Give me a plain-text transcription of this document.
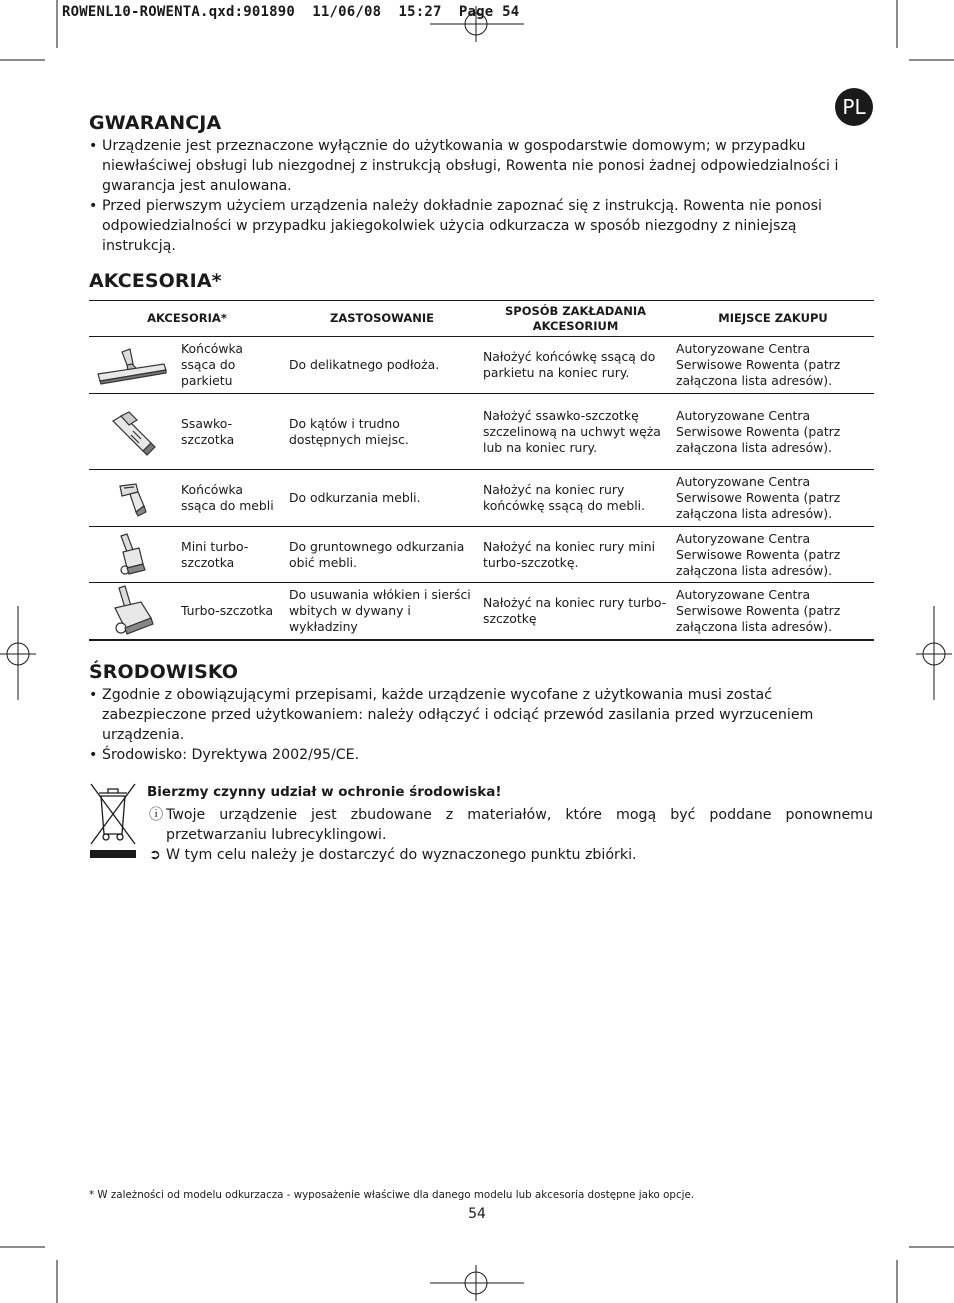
ROWENL10-ROWENTA.qxd:901890  11/06/08  15:27  Page 54
PL
GWARANCJA
• Urządzenie jest przeznaczone wyłącznie do użytkowania w gospodarstwie domowym; w przypadku niewłaściwej obsługi lub niezgodnej z instrukcją obsługi, Rowenta nie ponosi żadnej odpowiedzialności i gwarancja jest anulowana.
• Przed pierwszym użyciem urządzenia należy dokładnie zapoznać się z instrukcją. Rowenta nie ponosi odpowiedzialności w przypadku jakiegokolwiek użycia odkurzacza w sposób niezgodny z niniejszą instrukcją.
AKCESORIA*
AKCESORIA*		ZASTOSOWANIE	SPOSÓB ZAKŁADANIA AKCESORIUM	MIEJSCE ZAKUPU

	Końcówka ssąca do parkietu	Do delikatnego podłoża.	Nałożyć końcówkę ssącą do parkietu na koniec rury.	Autoryzowane Centra Serwisowe Rowenta (patrz załączona lista adresów).

	Ssawko-szczotka	Do kątów i trudno dostępnych miejsc.	Nałożyć ssawko-szczotkę szczelinową na uchwyt węża lub na koniec rury.	Autoryzowane Centra Serwisowe Rowenta (patrz załączona lista adresów).

	Końcówka ssąca do mebli	Do odkurzania mebli.	Nałożyć na koniec rury końcówkę ssącą do mebli.	Autoryzowane Centra Serwisowe Rowenta (patrz załączona lista adresów).

	Mini turbo-szczotka	Do gruntownego odkurzania obić mebli.	Nałożyć na koniec rury mini turbo-szczotkę.	Autoryzowane Centra Serwisowe Rowenta (patrz załączona lista adresów).

	Turbo-szczotka	Do usuwania włókien i sierści wbitych w dywany i wykładziny	Nałożyć na koniec rury turbo-szczotkę	Autoryzowane Centra Serwisowe Rowenta (patrz załączona lista adresów).
ŚRODOWISKO
• Zgodnie z obowiązującymi przepisami, każde urządzenie wycofane z użytkowania musi zostać zabezpieczone przed użytkowaniem: należy odłączyć i odciąć przewód zasilania przed wyrzuceniem urządzenia.
• Środowisko: Dyrektywa 2002/95/CE.
Bierzmy czynny udział w ochronie środowiska!
ⓘ Twoje urządzenie jest zbudowane z materiałów, które mogą być poddane ponownemu przetwarzaniu lubrecyklingowi.
➲ W tym celu należy je dostarczyć do wyznaczonego punktu zbiórki.
* W zależności od modelu odkurzacza - wyposażenie właściwe dla danego modelu lub akcesoria dostępne jako opcje.
54
